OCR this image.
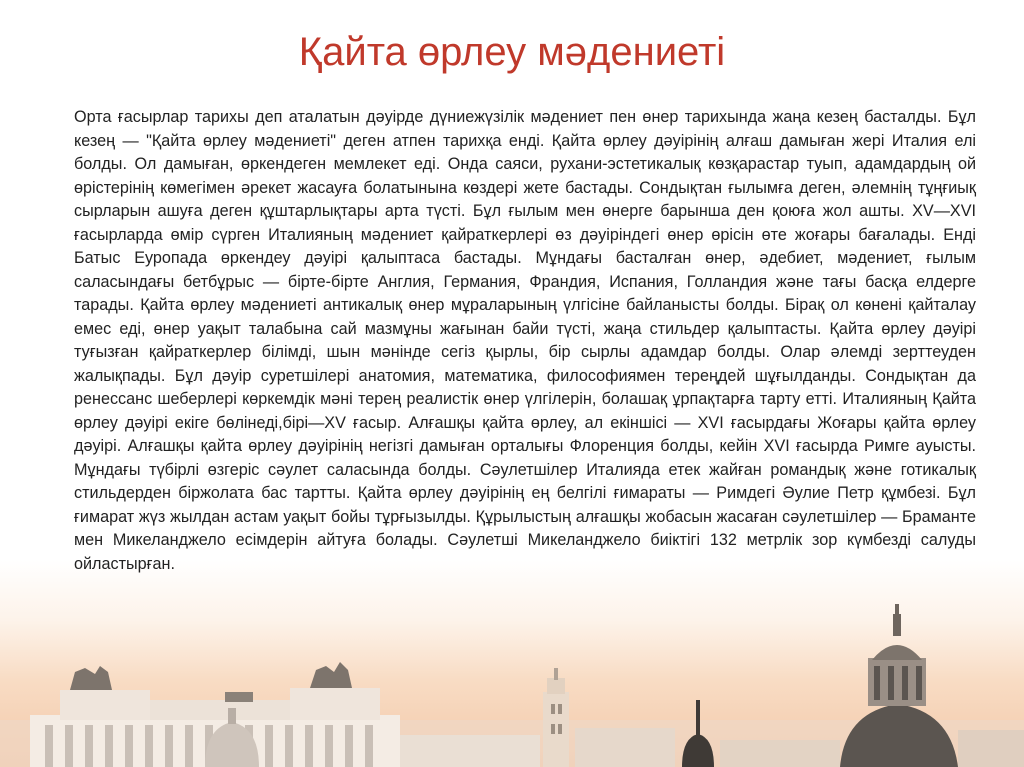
Қайта өрлеу мәдениеті

Орта ғасырлар тарихы деп аталатын дәуірде дүниежүзілік мәдениет пен өнер тарихында жаңа кезең басталды. Бұл кезең — "Қайта өрлеу мәдениеті" деген атпен тарихқа енді. Қайта өрлеу дәуірінің алғаш дамыған жері Италия елі болды. Ол дамыған, өркендеген мемлекет еді. Онда саяси, рухани-эстетикалық көзқарастар туып, адамдардың ой өрістерінің көмегімен әрекет жасауға болатынына көздері жете бастады. Сондықтан ғылымға деген, әлемнің тұңғиық сырларын ашуға деген құштарлықтары арта түсті. Бұл ғылым мен өнерге барынша ден қоюға жол ашты. XV—XVI ғасырларда өмір сүрген Италияның мәдениет қайраткерлері өз дәуіріндегі өнер өрісін өте жоғары бағалады. Енді Батыс Еуропада өркендеу дәуірі қалыптаса бастады. Мұндағы басталған өнер, әдебиет, мәдениет, ғылым саласындағы бетбұрыс — бірте-бірте Англия, Германия, Франдия, Испания, Голландия және тағы басқа елдерге тарады. Қайта өрлеу мәдениеті антикалық өнер мұраларының үлгісіне байланысты болды. Бірақ ол көнені қайталау емес еді, өнер уақыт талабына сай мазмұны жағынан байи түсті, жаңа стильдер қалыптасты. Қайта өрлеу дәуірі туғызған қайраткерлер білімді, шын мәнінде сегіз қырлы, бір сырлы адамдар болды. Олар әлемді зерттеуден жалықпады. Бұл дәуір суретшілері анатомия, математика, философиямен тереңдей шұғылданды. Сондықтан да ренессанс шеберлері көркемдік мәні терең реалистік өнер үлгілерін, болашақ ұрпақтарға тарту етті. Италияның Қайта өрлеу дәуірі екіге бөлінеді,бірі—XV ғасыр. Алғашқы қайта өрлеу, ал екіншісі — XVI ғасырдағы Жоғары қайта өрлеу дәуірі. Алғашқы қайта өрлеу дәуірінің негізгі дамыған орталығы Флоренция болды, кейін XVI ғасырда Римге ауысты. Мұндағы түбірлі өзгеріс сәулет саласында болды. Сәулетшілер Италияда етек жайған романдық және готикалық стильдерден біржолата бас тартты. Қайта өрлеу дәуірінің ең белгілі ғимараты — Римдегі Әулие Петр құмбезі. Бұл ғимарат жүз жылдан астам уақыт бойы тұрғызылды. Құрылыстың алғашқы жобасын жасаған сәулетшілер — Браманте мен Микеланджело есімдерін айтуға болады. Сәулетші Микеланджело биіктігі 132 метрлік зор күмбезді салуды ойластырған.
